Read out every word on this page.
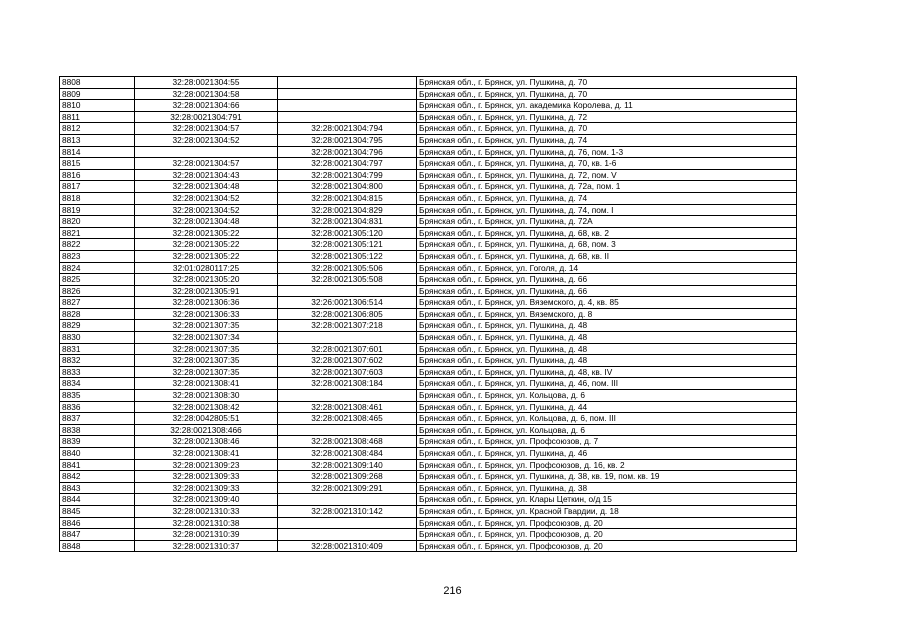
8808	32:28:0021304:55		Брянская обл., г. Брянск, ул. Пушкина, д. 70
8809	32:28:0021304:58		Брянская обл., г. Брянск, ул. Пушкина, д. 70
8810	32:28:0021304:66		Брянская обл., г. Брянск, ул. академика Королева, д. 11
8811	32:28:0021304:791		Брянская обл., г. Брянск, ул. Пушкина, д. 72
8812	32:28:0021304:57	32:28:0021304:794	Брянская обл., г. Брянск, ул. Пушкина, д. 70
8813	32:28:0021304:52	32:28:0021304:795	Брянская обл., г. Брянск, ул. Пушкина, д. 74
8814		32:28:0021304:796	Брянская обл., г. Брянск, ул. Пушкина, д. 76, пом. 1-3
8815	32:28:0021304:57	32:28:0021304:797	Брянская обл., г. Брянск, ул. Пушкина, д. 70, кв. 1-6
8816	32:28:0021304:43	32:28:0021304:799	Брянская обл., г. Брянск, ул. Пушкина, д. 72, пом. V
8817	32:28:0021304:48	32:28:0021304:800	Брянская обл., г. Брянск, ул. Пушкина, д. 72а, пом. 1
8818	32:28:0021304:52	32:28:0021304:815	Брянская обл., г. Брянск, ул. Пушкина, д. 74
8819	32:28:0021304:52	32:28:0021304:829	Брянская обл., г. Брянск, ул. Пушкина, д. 74, пом. I
8820	32:28:0021304:48	32:28:0021304:831	Брянская обл., г. Брянск, ул. Пушкина, д. 72А
8821	32:28:0021305:22	32:28:0021305:120	Брянская обл., г. Брянск, ул. Пушкина, д. 68, кв. 2
8822	32:28:0021305:22	32:28:0021305:121	Брянская обл., г. Брянск, ул. Пушкина, д. 68, пом. 3
8823	32:28:0021305:22	32:28:0021305:122	Брянская обл., г. Брянск, ул. Пушкина, д. 68, кв. II
8824	32:01:0280117:25	32:28:0021305:506	Брянская обл., г. Брянск, ул. Гоголя, д. 14
8825	32:28:0021305:20	32:28:0021305:508	Брянская обл., г. Брянск, ул. Пушкина, д. 66
8826	32:28:0021305:91		Брянская обл., г. Брянск, ул. Пушкина, д. 66
8827	32:28:0021306:36	32:26:0021306:514	Брянская обл., г. Брянск, ул. Вяземского, д. 4, кв. 85
8828	32:28:0021306:33	32:28:0021306:805	Брянская обл., г. Брянск, ул. Вяземского, д. 8
8829	32:28:0021307:35	32:28:0021307:218	Брянская обл., г. Брянск, ул. Пушкина, д. 48
8830	32:28:0021307:34		Брянская обл., г. Брянск, ул. Пушкина, д. 48
8831	32:28:0021307:35	32:28:0021307:601	Брянская обл., г. Брянск, ул. Пушкина, д. 48
8832	32:28:0021307:35	32:28:0021307:602	Брянская обл., г. Брянск, ул. Пушкина, д. 48
8833	32:28:0021307:35	32:28:0021307:603	Брянская обл., г. Брянск, ул. Пушкина, д. 48, кв. IV
8834	32:28:0021308:41	32:28:0021308:184	Брянская обл., г. Брянск, ул. Пушкина, д. 46, пом. III
8835	32:28:0021308:30		Брянская обл., г. Брянск, ул. Кольцова, д. 6
8836	32:28:0021308:42	32:28:0021308:461	Брянская обл., г. Брянск, ул. Пушкина, д. 44
8837	32:28:0042805:51	32:28:0021308:465	Брянская обл., г. Брянск, ул. Кольцова, д. 6, пом. III
8838	32:28:0021308:466		Брянская обл., г. Брянск, ул. Кольцова, д. 6
8839	32:28:0021308:46	32:28:0021308:468	Брянская обл., г. Брянск, ул. Профсоюзов, д. 7
8840	32:28:0021308:41	32:28:0021308:484	Брянская обл., г. Брянск, ул. Пушкина, д. 46
8841	32:28:0021309:23	32:28:0021309:140	Брянская обл., г. Брянск, ул. Профсоюзов, д. 16, кв. 2
8842	32:28:0021309:33	32:28:0021309:268	Брянская обл., г. Брянск, ул. Пушкина, д. 38, кв. 19, пом. кв. 19
8843	32:28:0021309:33	32:28:0021309:291	Брянская обл., г. Брянск, ул. Пушкина, д. 38
8844	32:28:0021309:40		Брянская обл., г. Брянск, ул. Клары Цеткин, о/д 15
8845	32:28:0021310:33	32:28:0021310:142	Брянская обл., г. Брянск, ул. Красной Гвардии, д. 18
8846	32:28:0021310:38		Брянская обл., г. Брянск, ул. Профсоюзов, д. 20
8847	32:28:0021310:39		Брянская обл., г. Брянск, ул. Профсоюзов, д. 20
8848	32:28:0021310:37	32:28:0021310:409	Брянская обл., г. Брянск, ул. Профсоюзов, д. 20
216
